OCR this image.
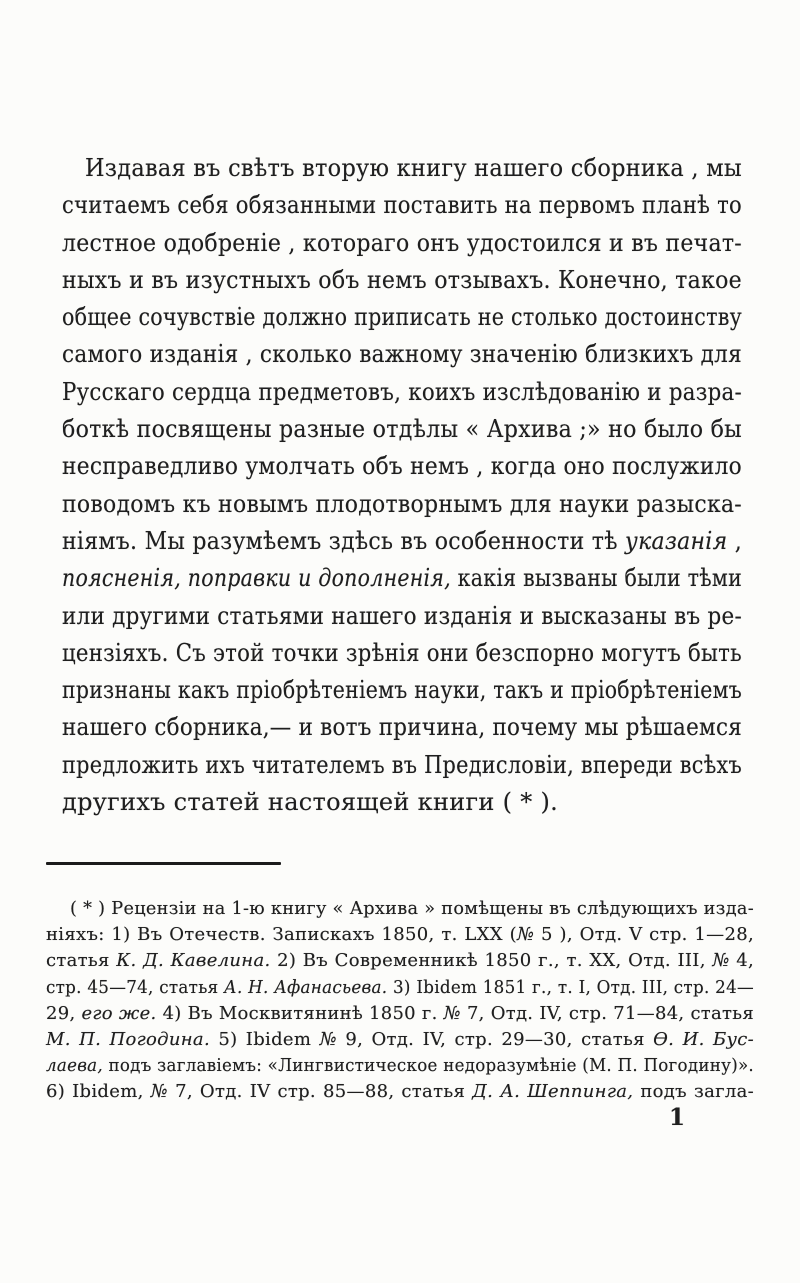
Издавая въ свѣтъ вторую книгу нашего сборника , мы
считаемъ себя обязанными поставить на первомъ планѣ то
лестное одобреніе , котораго онъ удостоился и въ печат-
ныхъ и въ изустныхъ объ немъ отзывахъ. Конечно, такое
общее сочувствіе должно приписать не столько достоинству
самого изданія , сколько важному значенію близкихъ для
Русскаго сердца предметовъ, коихъ изслѣдованію и разра-
боткѣ посвящены разные отдѣлы « Архива ;» но было бы
несправедливо умолчать объ немъ , когда оно послужило
поводомъ къ новымъ плодотворнымъ для науки разыска-
ніямъ. Мы разумѣемъ здѣсь въ особенности тѣ указанія ,
поясненія, поправки и дополненія, какія вызваны были тѣми
или другими статьями нашего изданія и высказаны въ ре-
цензіяхъ. Съ этой точки зрѣнія они безспорно могутъ быть
признаны какъ пріобрѣтеніемъ науки, такъ и пріобрѣтеніемъ
нашего сборника,— и вотъ причина, почему мы рѣшаемся
предложить ихъ читателемъ въ Предисловіи, впереди всѣхъ
другихъ статей настоящей книги ( * ).
( * ) Рецензіи на 1-ю книгу « Архива » помѣщены въ слѣдующихъ изда-
ніяхъ: 1) Въ Отечеств. Запискахъ 1850, т. LXX (№ 5 ), Отд. V стр. 1—28,
статья К. Д. Кавелина. 2) Въ Современникѣ 1850 г., т. XX, Отд. III, № 4,
стр. 45—74, статья А. Н. Афанасьева. 3) Ibidem 1851 г., т. I, Отд. III, стр. 24—
29, его же. 4) Въ Москвитянинѣ 1850 г. № 7, Отд. IV, стр. 71—84, статья
М. П. Погодина. 5) Ibidem № 9, Отд. IV, стр. 29—30, статья Ѳ. И. Бус-
лаева, подъ заглавіемъ: «Лингвистическое недоразумѣніе (М. П. Погодину)».
6) Ibidem, № 7, Отд. IV стр. 85—88, статья Д. А. Шеппинга, подъ загла-
1
